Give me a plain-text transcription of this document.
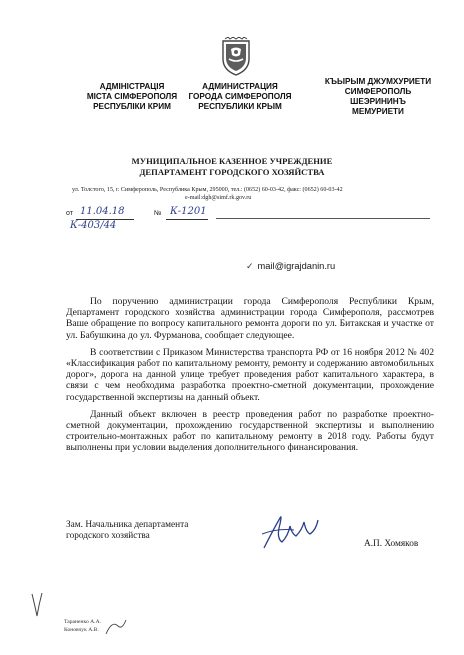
АДМІНІСТРАЦІЯ
МІСТА СІМФЕРОПОЛЯ
РЕСПУБЛІКИ КРИМ
АДМИНИСТРАЦИЯ
ГОРОДА СИМФЕРОПОЛЯ
РЕСПУБЛИКИ КРЫМ
КЪЫРЫМ ДЖУМХУРИЕТИ
СИМФЕРОПОЛЬ
ШЕЭРИНИНЪ
МЕМУРИЕТИ
МУНИЦИПАЛЬНОЕ КАЗЕННОЕ УЧРЕЖДЕНИЕ
ДЕПАРТАМЕНТ ГОРОДСКОГО ХОЗЯЙСТВА
ул. Толстого, 15, г. Симферополь, Республика Крым, 295000, тел.: (0652) 60-03-42, факс: (0652) 60-03-42
e-mail:dgh@simf.rk.gov.ru
от 11.04.18	№ К-1201
К-403/44
✓ mail@igrajdanin.ru

По поручению администрации города Симферополя Республики Крым, Департамент городского хозяйства администрации города Симферополя, рассмотрев Ваше обращение по вопросу капитального ремонта дороги по ул. Битакская и участке от ул. Бабушкина до ул. Фурманова, сообщает следующее.

В соответствии с Приказом Министерства транспорта РФ от 16 ноября 2012 № 402 «Классификация работ по капитальному ремонту, ремонту и содержанию автомобильных дорог», дорога на данной улице требует проведения работ капитального характера, в связи с чем необходима разработка проектно-сметной документации, прохождение государственной экспертизы на данный объект.

Данный объект включен в реестр проведения работ по разработке проектно-сметной документации, прохождению государственной экспертизы и выполнению строительно-монтажных работ по капитальному ремонту в 2018 году. Работы будут выполнены при условии выделения дополнительного финансирования.

Зам. Начальника департамента
городского хозяйства
А.П. Хомяков
Тараненко А.А.
Коновчук А.В.
